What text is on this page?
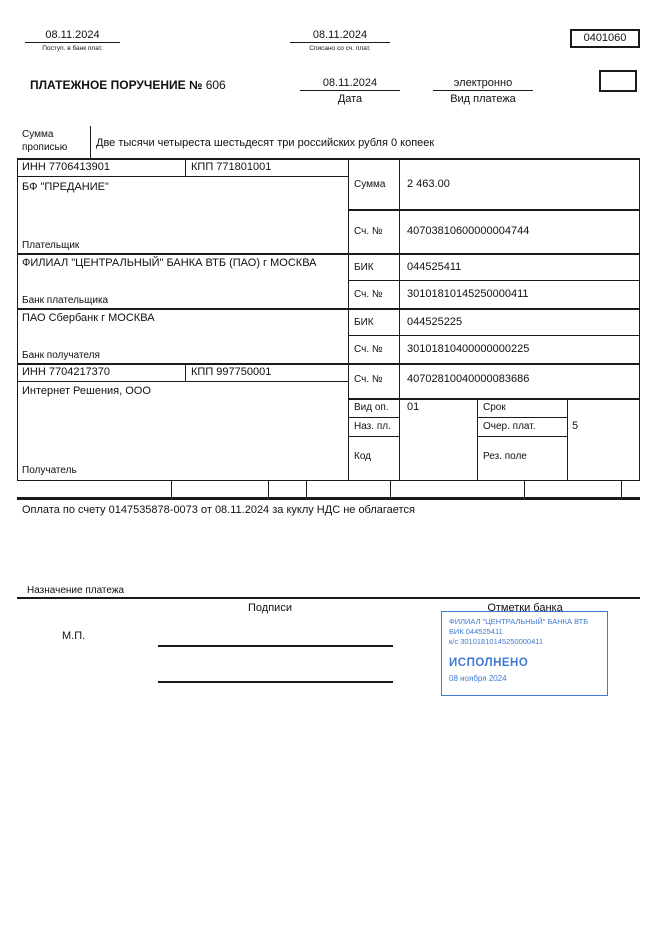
08.11.2024
Поступ. в банк плат.
08.11.2024
Списано со сч. плат.
0401060
ПЛАТЕЖНОЕ ПОРУЧЕНИЕ № 606	08.11.2024
Дата
электронно
Вид платежа
Сумма прописью	Две тысячи четыреста шестьдесят три российских рубля 0 копеек
ИНН 7706413901	КПП 771801001
БФ "ПРЕДАНИЕ"
Плательщик
ФИЛИАЛ "ЦЕНТРАЛЬНЫЙ" БАНКА ВТБ (ПАО) г МОСКВА
Банк плательщика
ПАО Сбербанк г МОСКВА
Банк получателя
ИНН 7704217370	КПП 997750001
Интернет Решения, ООО
Получатель
Сумма 2 463.00
Сч. № 40703810600000004744
БИК	044525411
Сч. № 30101810145250000411
БИК	044525225
Сч. № 30101810400000000225
Сч. № 40702810040000083686
Вид оп. 01	Срок
Наз. пл.	Очер. плат.	5
Код	Рез. поле
Оплата по счету 0147535878-0073 от 08.11.2024 за куклу НДС не облагается
Назначение платежа
Подписи	Отметки банка
М.П.
ФИЛИАЛ "ЦЕНТРАЛЬНЫЙ" БАНКА ВТБ
БИК 044525411
к/с 30101810145250000411
ИСПОЛНЕНО
08 ноября 2024
